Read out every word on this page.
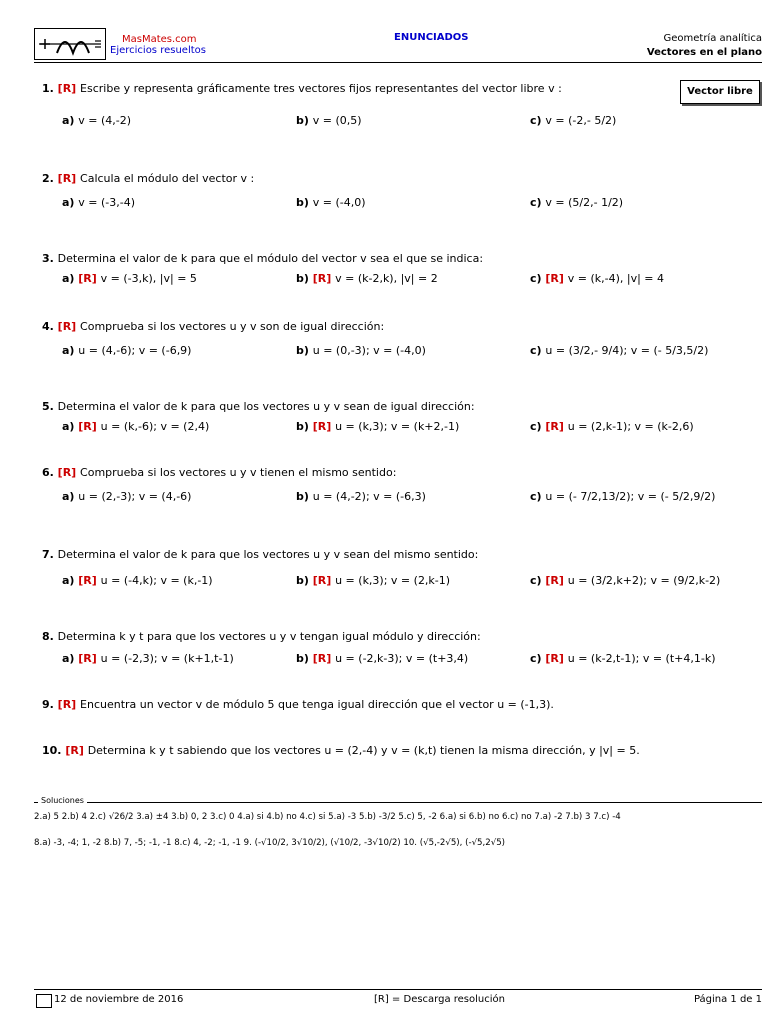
MasMates.com
Ejercicios resueltos
ENUNCIADOS	Geometría analítica
Vectores en el plano
Vector libre
1. [R] Escribe y representa gráficamente tres vectores fijos representantes del vector libre v :
a) v = (4,-2)	b) v = (0,5)	c) v = (-2,- 5/2)
2. [R] Calcula el módulo del vector v :
a) v = (-3,-4)	b) v = (-4,0)	c) v = (5/2,- 1/2)
3. Determina el valor de k para que el módulo del vector v sea el que se indica:
a) [R] v = (-3,k), |v| = 5	b) [R] v = (k-2,k), |v| = 2	c) [R] v = (k,-4), |v| = 4
4. [R] Comprueba si los vectores u y v son de igual dirección:
a) u = (4,-6); v = (-6,9)	b) u = (0,-3); v = (-4,0)	c) u = (3/2,- 9/4); v = (- 5/3,5/2)
5. Determina el valor de k para que los vectores u y v sean de igual dirección:
a) [R] u = (k,-6); v = (2,4)	b) [R] u = (k,3); v = (k+2,-1)	c) [R] u = (2,k-1); v = (k-2,6)
6. [R] Comprueba si los vectores u y v tienen el mismo sentido:
a) u = (2,-3); v = (4,-6)	b) u = (4,-2); v = (-6,3)	c) u = (- 7/2,13/2); v = (- 5/2,9/2)
7. Determina el valor de k para que los vectores u y v sean del mismo sentido:
a) [R] u = (-4,k); v = (k,-1)	b) [R] u = (k,3); v = (2,k-1)	c) [R] u = (3/2,k+2); v = (9/2,k-2)
8. Determina k y t para que los vectores u y v tengan igual módulo y dirección:
a) [R] u = (-2,3); v = (k+1,t-1)	b) [R] u = (-2,k-3); v = (t+3,4)	c) [R] u = (k-2,t-1); v = (t+4,1-k)
9. [R] Encuentra un vector v de módulo 5 que tenga igual dirección que el vector u = (-1,3).
10. [R] Determina k y t sabiendo que los vectores u = (2,-4) y v = (k,t) tienen la misma dirección, y |v| = 5.
Soluciones
2.a) 5 2.b) 4 2.c) √26/2 3.a) ±4 3.b) 0, 2 3.c) 0 4.a) si 4.b) no 4.c) si 5.a) -3 5.b) -3/2 5.c) 5, -2 6.a) si 6.b) no 6.c) no 7.a) -2 7.b) 3 7.c) -4
8.a) -3, -4; 1, -2 8.b) 7, -5; -1, -1 8.c) 4, -2; -1, -1 9. (-√10/2, 3√10/2), (√10/2, -3√10/2) 10. (√5,-2√5), (-√5,2√5)
12 de noviembre de 2016	[R] = Descarga resolución	Página 1 de 1
